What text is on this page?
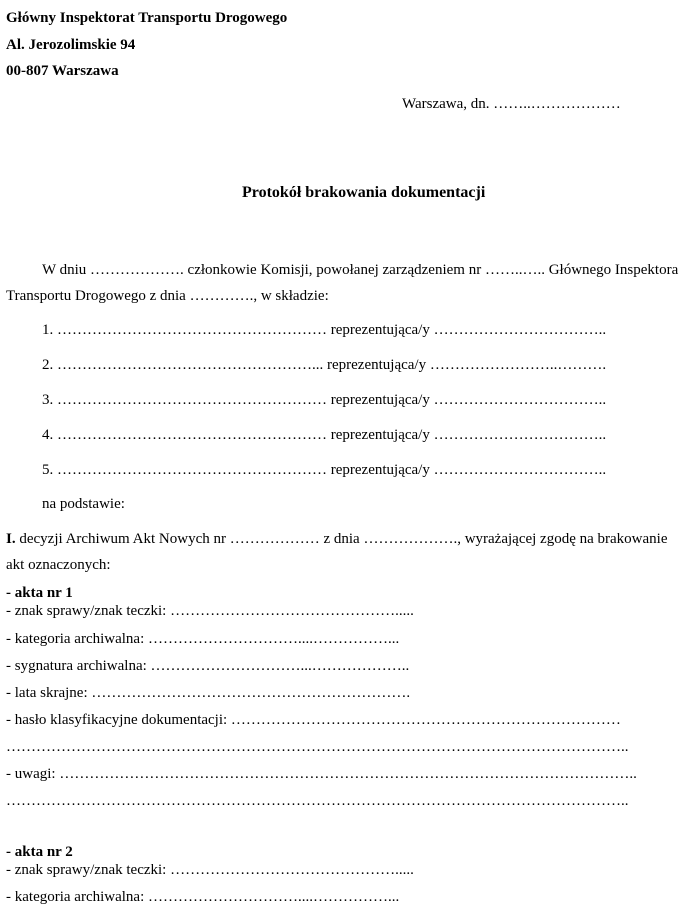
Główny Inspektorat Transportu Drogowego
Al. Jerozolimskie 94
00-807 Warszawa
Warszawa, dn. ……..………………
Protokół brakowania dokumentacji
W dniu ………………. członkowie Komisji, powołanej zarządzeniem nr ……..….. Głównego Inspektora
Transportu Drogowego z dnia …………., w składzie:
1. ……………………………………………… reprezentująca/y ……………………………..
2. ……………………………………………... reprezentująca/y ……………………..……….
3. ……………………………………………… reprezentująca/y ……………………………..
4. ……………………………………………… reprezentująca/y ……………………………..
5. ……………………………………………… reprezentująca/y ……………………………..
na podstawie:
I. decyzji Archiwum Akt Nowych nr ……………… z dnia ………………., wyrażającej zgodę na brakowanie
akt oznaczonych:
- akta nr 1
- znak sprawy/znak teczki: ……………………………………….....
- kategoria archiwalna: …………………………....……………...
- sygnatura archiwalna: …………………………...………………..
- lata skrajne: ……………………………………………………….
- hasło klasyfikacyjne dokumentacji: ……………………………………………………………………
……………………………………………………………………………………………………………..
- uwagi: ……………………………………………………………………………………………………..
……………………………………………………………………………………………………………..
- akta nr 2
- znak sprawy/znak teczki: ……………………………………….....
- kategoria archiwalna: …………………………....……………...
